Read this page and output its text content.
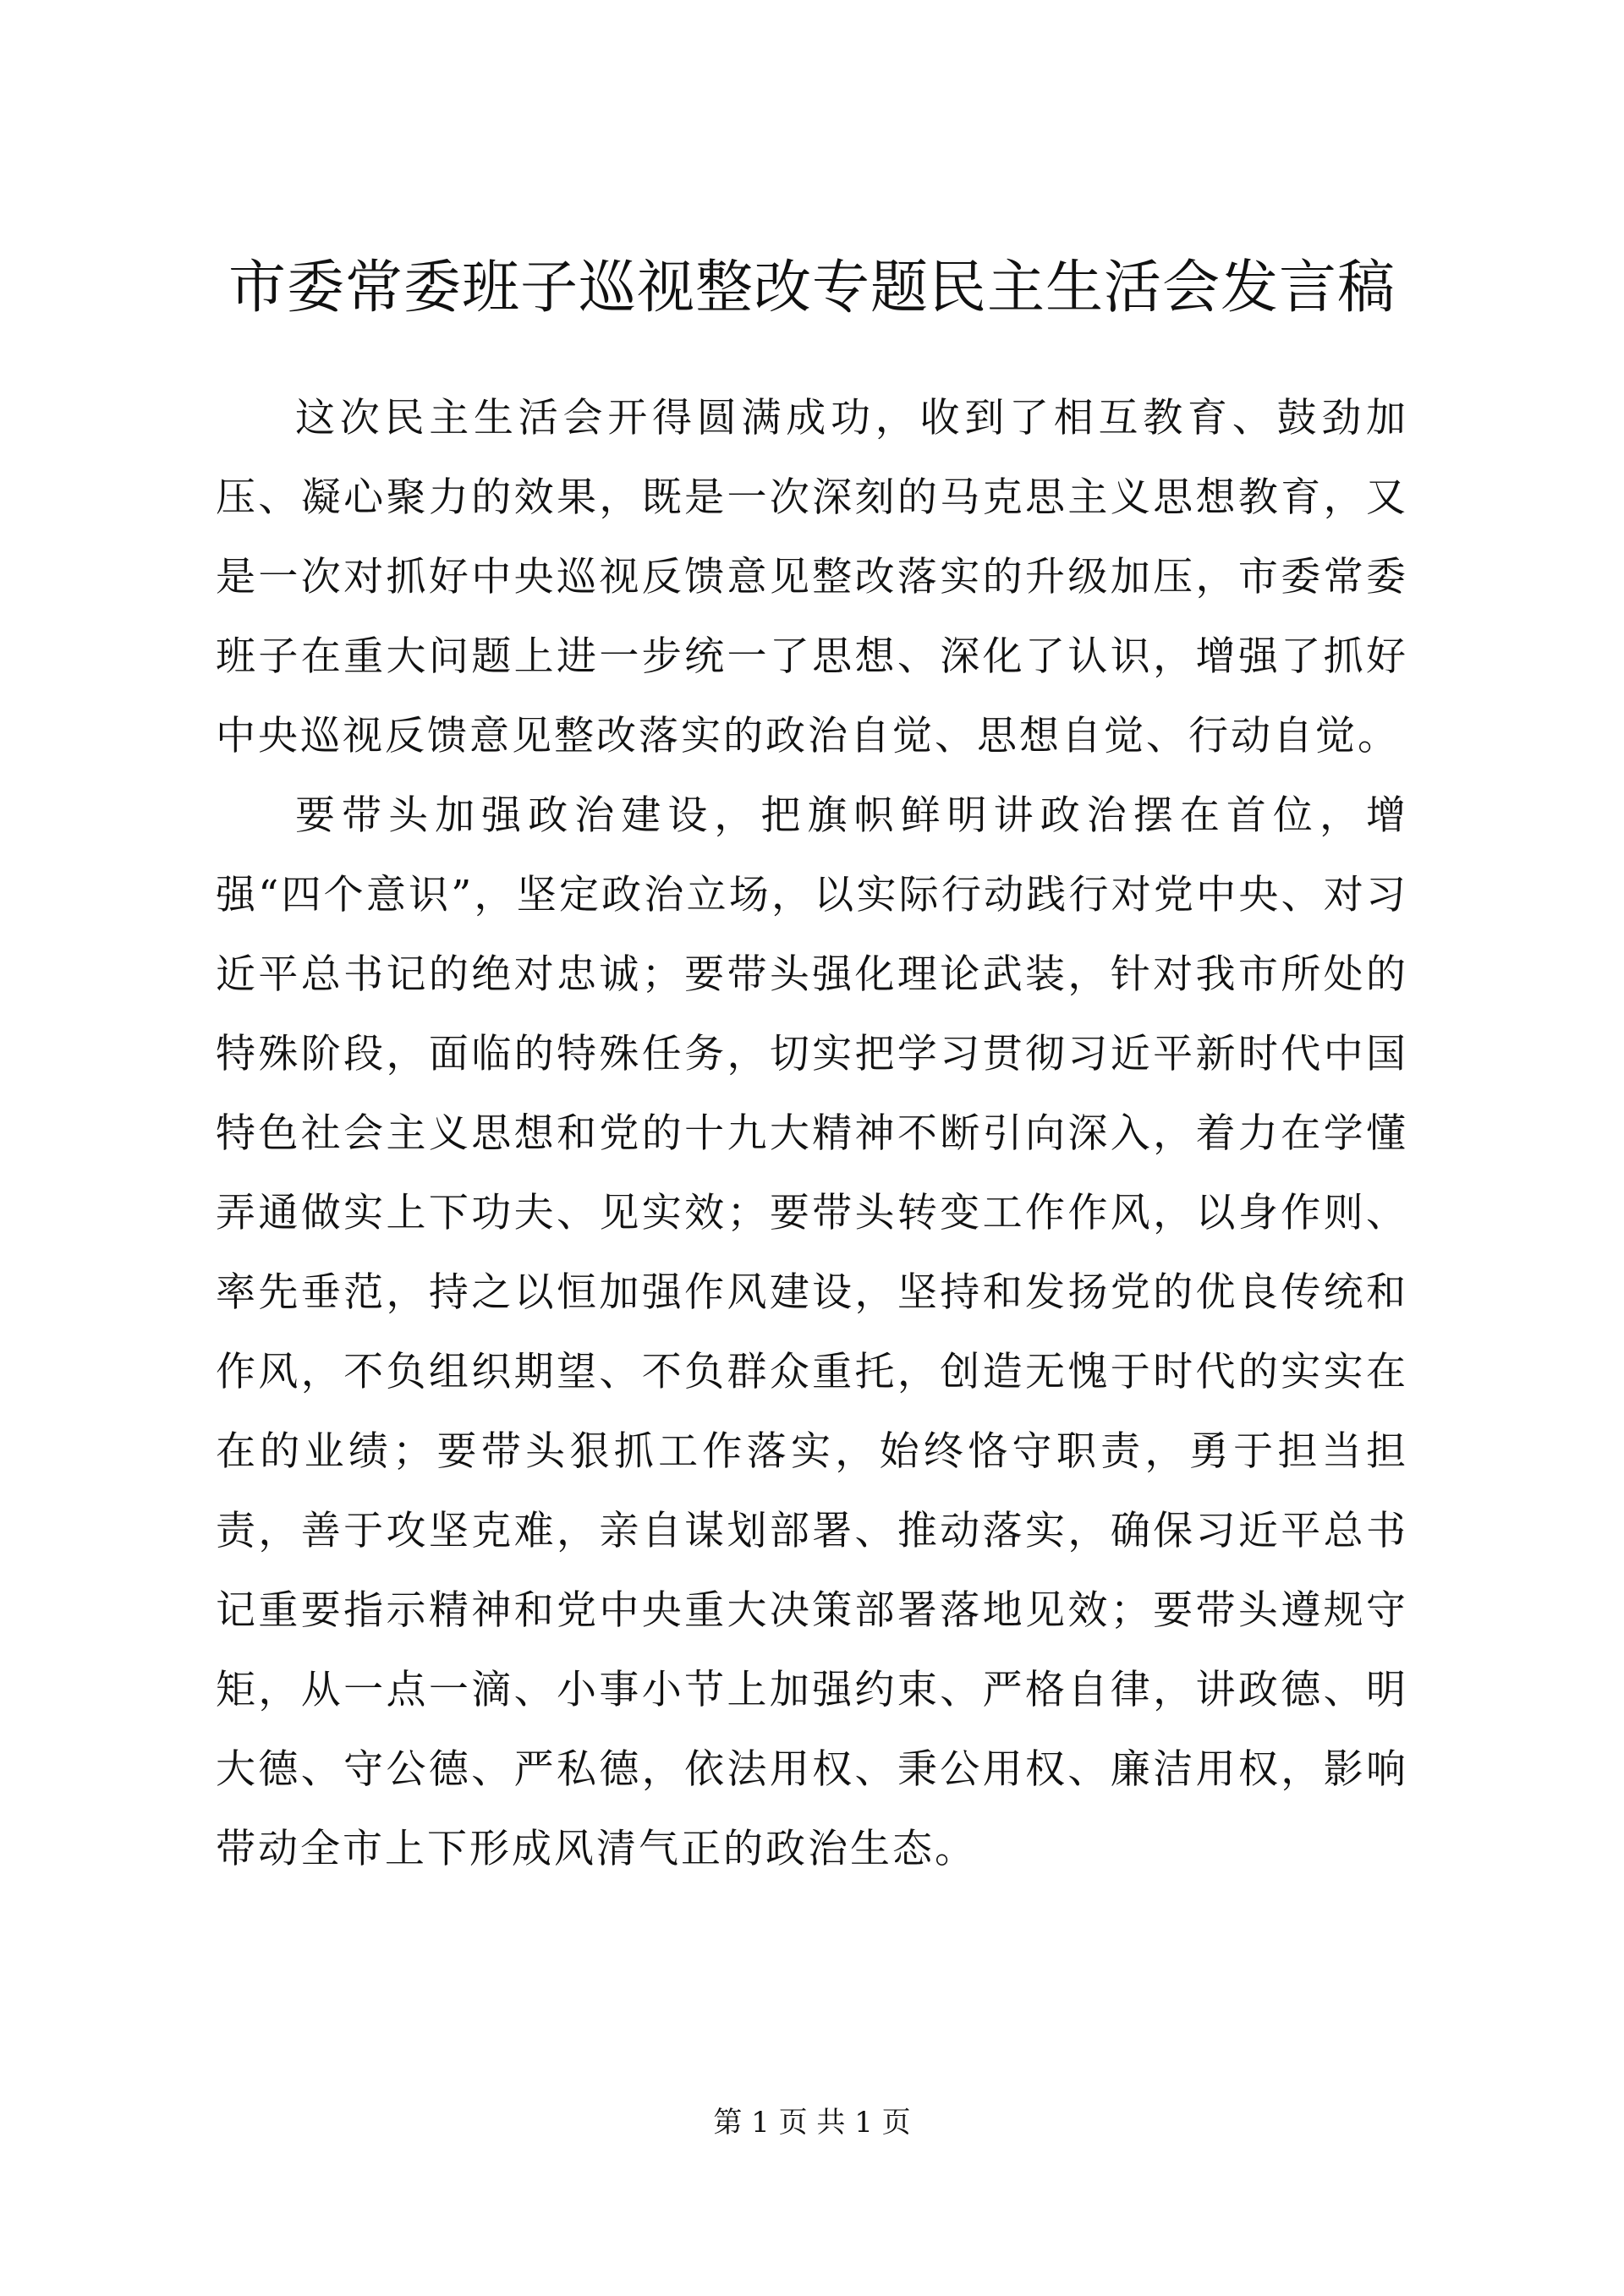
市委常委班子巡视整改专题民主生活会发言稿

这次民主生活会开得圆满成功，收到了相互教育、鼓劲加压、凝心聚力的效果，既是一次深刻的马克思主义思想教育，又是一次对抓好中央巡视反馈意见整改落实的升级加压，市委常委班子在重大问题上进一步统一了思想、深化了认识，增强了抓好中央巡视反馈意见整改落实的政治自觉、思想自觉、行动自觉。

要带头加强政治建设，把旗帜鲜明讲政治摆在首位，增强“四个意识”，坚定政治立场，以实际行动践行对党中央、对习近平总书记的绝对忠诚；要带头强化理论武装，针对我市所处的特殊阶段，面临的特殊任务，切实把学习贯彻习近平新时代中国特色社会主义思想和党的十九大精神不断引向深入，着力在学懂弄通做实上下功夫、见实效；要带头转变工作作风，以身作则、率先垂范，持之以恒加强作风建设，坚持和发扬党的优良传统和作风，不负组织期望、不负群众重托，创造无愧于时代的实实在在的业绩；要带头狠抓工作落实，始终恪守职责，勇于担当担责，善于攻坚克难，亲自谋划部署、推动落实，确保习近平总书记重要指示精神和党中央重大决策部署落地见效；要带头遵规守矩，从一点一滴、小事小节上加强约束、严格自律，讲政德、明大德、守公德、严私德，依法用权、秉公用权、廉洁用权，影响带动全市上下形成风清气正的政治生态。

第 1 页 共 1 页
